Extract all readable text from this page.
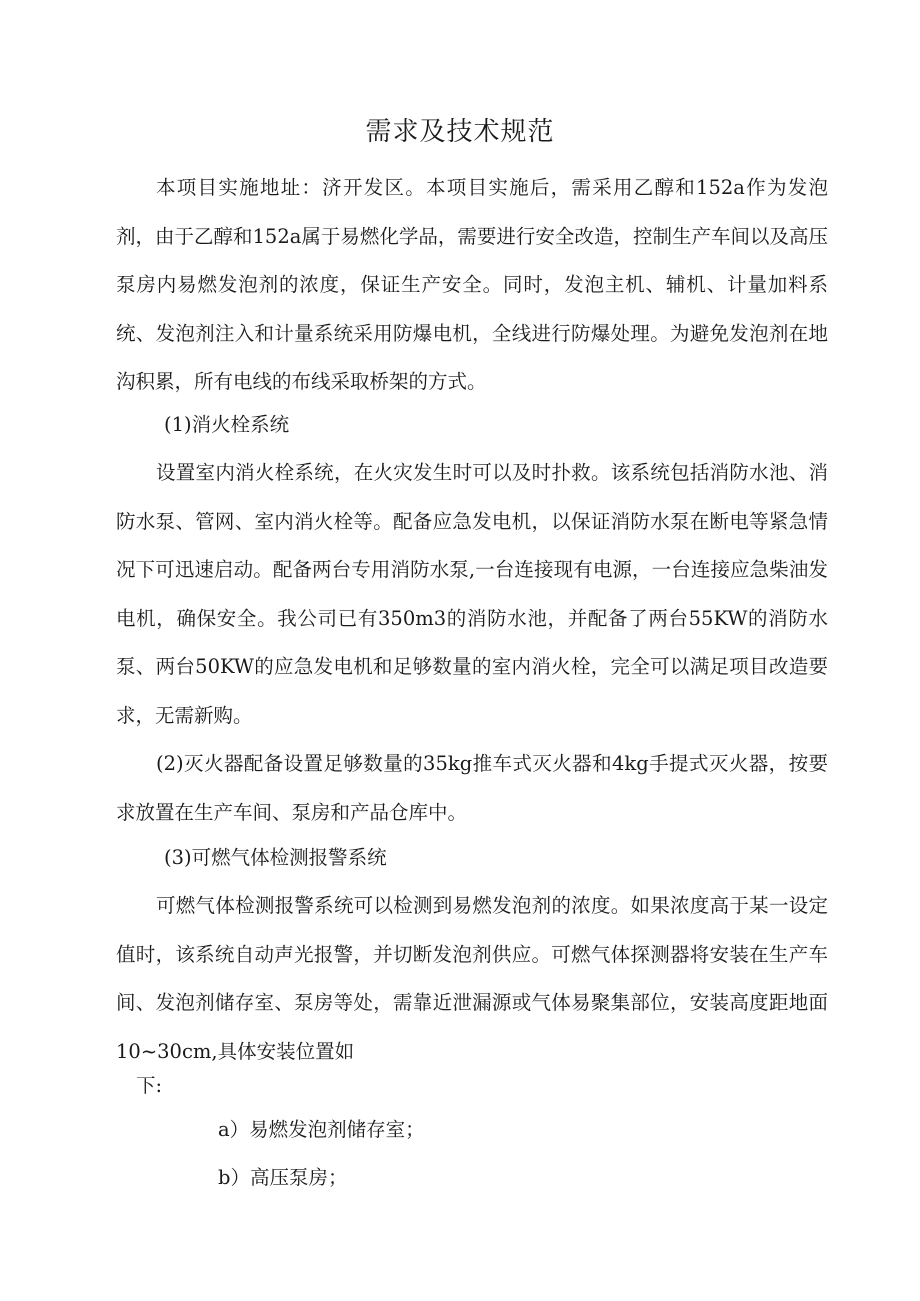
需求及技术规范

本项目实施地址：济开发区。本项目实施后，需采用乙醇和152a作为发泡剂，由于乙醇和152a属于易燃化学品，需要进行安全改造，控制生产车间以及高压泵房内易燃发泡剂的浓度，保证生产安全。同时，发泡主机、辅机、计量加料系统、发泡剂注入和计量系统采用防爆电机，全线进行防爆处理。为避免发泡剂在地沟积累，所有电线的布线采取桥架的方式。

(1)消火栓系统

设置室内消火栓系统，在火灾发生时可以及时扑救。该系统包括消防水池、消防水泵、管网、室内消火栓等。配备应急发电机，以保证消防水泵在断电等紧急情况下可迅速启动。配备两台专用消防水泵,一台连接现有电源，一台连接应急柴油发电机，确保安全。我公司已有350m3的消防水池，并配备了两台55KW的消防水泵、两台50KW的应急发电机和足够数量的室内消火栓，完全可以满足项目改造要求，无需新购。

(2)灭火器配备设置足够数量的35kg推车式灭火器和4kg手提式灭火器，按要求放置在生产车间、泵房和产品仓库中。

(3)可燃气体检测报警系统

可燃气体检测报警系统可以检测到易燃发泡剂的浓度。如果浓度高于某一设定值时，该系统自动声光报警，并切断发泡剂供应。可燃气体探测器将安装在生产车间、发泡剂储存室、泵房等处，需靠近泄漏源或气体易聚集部位，安装高度距地面10~30cm,具体安装位置如

下:

a）易燃发泡剂储存室；

b）高压泵房；
